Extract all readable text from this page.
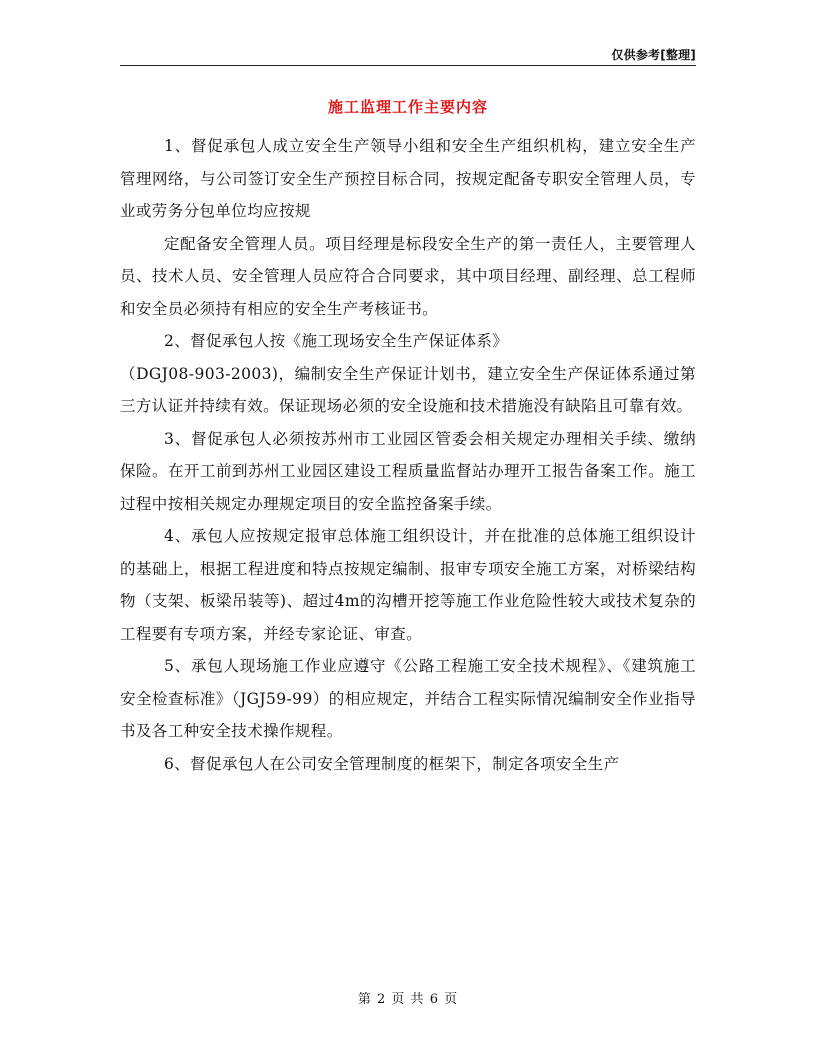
仅供参考[整理]
施工监理工作主要内容

1、督促承包人成立安全生产领导小组和安全生产组织机构，建立安全生产管理网络，与公司签订安全生产预控目标合同，按规定配备专职安全管理人员，专业或劳务分包单位均应按规

定配备安全管理人员。项目经理是标段安全生产的第一责任人，主要管理人员、技术人员、安全管理人员应符合合同要求，其中项目经理、副经理、总工程师和安全员必须持有相应的安全生产考核证书。

2、督促承包人按《施工现场安全生产保证体系》

（DGJ08-903-2003)，编制安全生产保证计划书，建立安全生产保证体系通过第三方认证并持续有效。保证现场必须的安全设施和技术措施没有缺陷且可靠有效。

3、督促承包人必须按苏州市工业园区管委会相关规定办理相关手续、缴纳保险。在开工前到苏州工业园区建设工程质量监督站办理开工报告备案工作。施工过程中按相关规定办理规定项目的安全监控备案手续。

4、承包人应按规定报审总体施工组织设计，并在批准的总体施工组织设计的基础上，根据工程进度和特点按规定编制、报审专项安全施工方案，对桥梁结构物（支架、板梁吊装等)、超过4m的沟槽开挖等施工作业危险性较大或技术复杂的工程要有专项方案，并经专家论证、审查。

5、承包人现场施工作业应遵守《公路工程施工安全技术规程》、《建筑施工安全检查标准》（JGJ59-99）的相应规定，并结合工程实际情况编制安全作业指导书及各工种安全技术操作规程。

6、督促承包人在公司安全管理制度的框架下，制定各项安全生产

第 2 页 共 6 页
